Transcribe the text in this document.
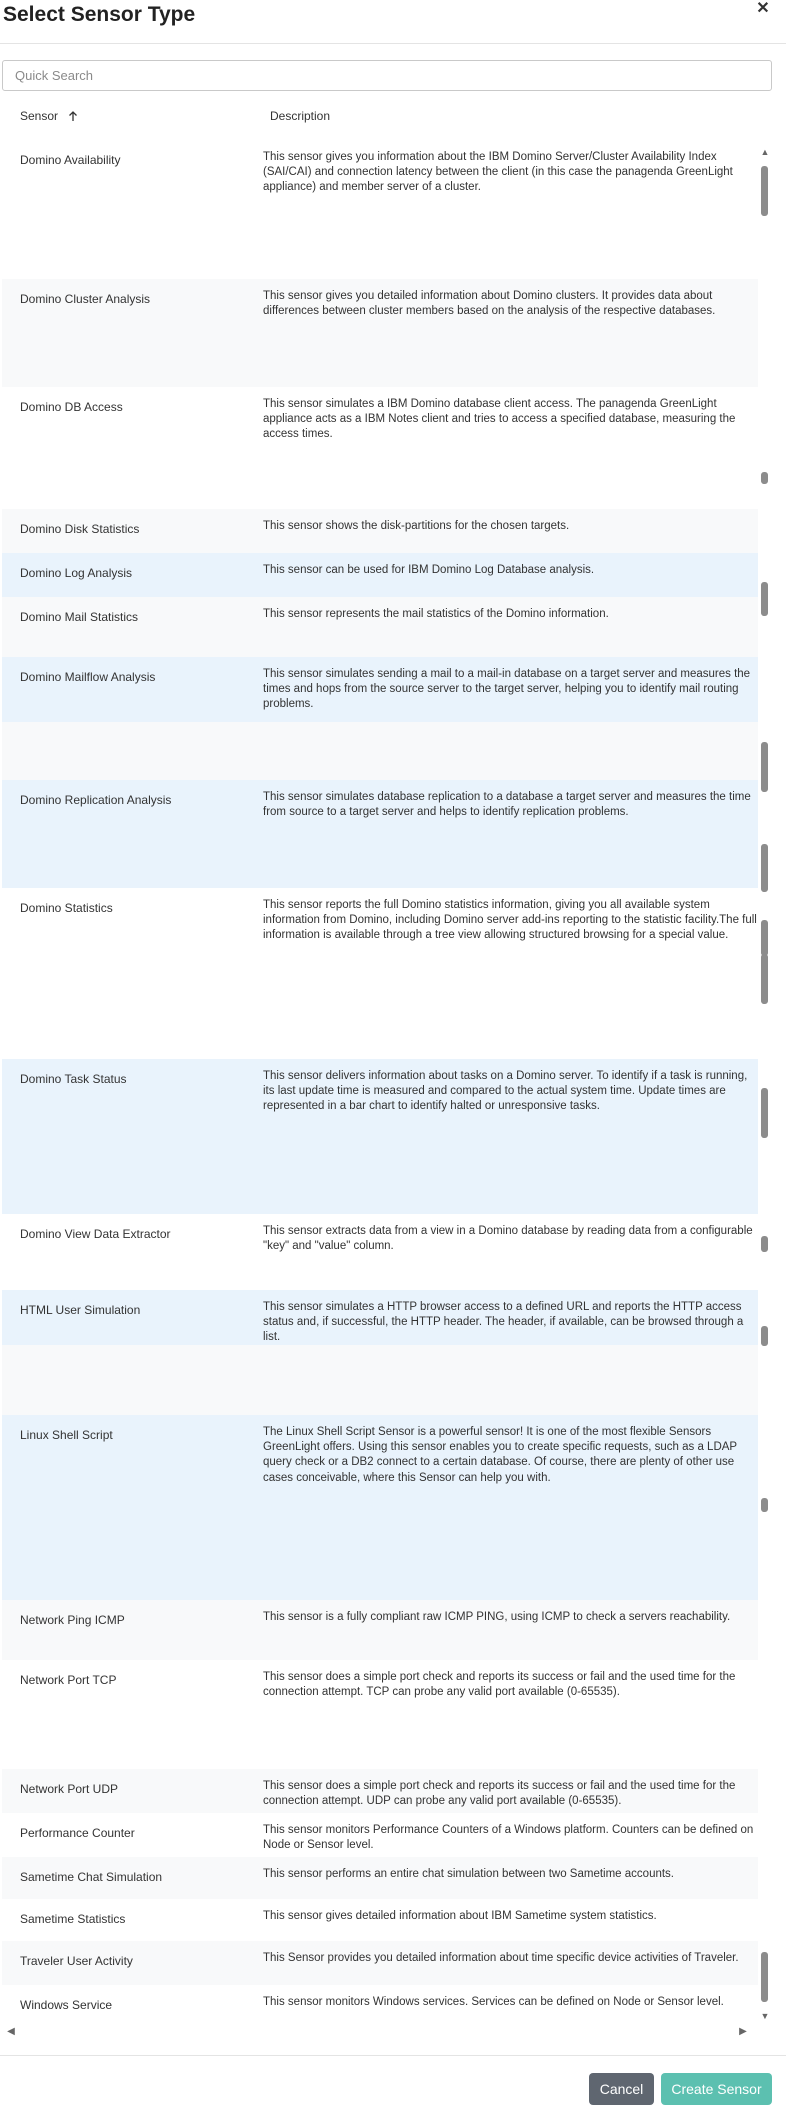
Select Sensor Type	✕
Quick Search
Sensor	Description
Domino Availability	This sensor gives you information about the IBM Domino Server/Cluster Availability Index (SAI/CAI) and connection latency between the client (in this case the panagenda GreenLight appliance) and member server of a cluster.
Domino Cluster Analysis	This sensor gives you detailed information about Domino clusters. It provides data about differences between cluster members based on the analysis of the respective databases.
Domino DB Access	This sensor simulates a IBM Domino database client access. The panagenda GreenLight appliance acts as a IBM Notes client and tries to access a specified database, measuring the access times.
Domino Disk Statistics	This sensor shows the disk-partitions for the chosen targets.
Domino Log Analysis	This sensor can be used for IBM Domino Log Database analysis.
Domino Mail Statistics	This sensor represents the mail statistics of the Domino information.
Domino Mailflow Analysis	This sensor simulates sending a mail to a mail-in database on a target server and measures the times and hops from the source server to the target server, helping you to identify mail routing problems.
Domino Replication Analysis	This sensor simulates database replication to a database a target server and measures the time from source to a target server and helps to identify replication problems.
Domino Statistics	This sensor reports the full Domino statistics information, giving you all available system information from Domino, including Domino server add-ins reporting to the statistic facility.The full information is available through a tree view allowing structured browsing for a special value.
Domino Task Status	This sensor delivers information about tasks on a Domino server. To identify if a task is running, its last update time is measured and compared to the actual system time. Update times are represented in a bar chart to identify halted or unresponsive tasks.
Domino View Data Extractor	This sensor extracts data from a view in a Domino database by reading data from a configurable "key" and "value" column.
HTML User Simulation	This sensor simulates a HTTP browser access to a defined URL and reports the HTTP access status and, if successful, the HTTP header. The header, if available, can be browsed through a list.
Linux Shell Script	The Linux Shell Script Sensor is a powerful sensor! It is one of the most flexible Sensors GreenLight offers. Using this sensor enables you to create specific requests, such as a LDAP query check or a DB2 connect to a certain database. Of course, there are plenty of other use cases conceivable, where this Sensor can help you with.
Network Ping ICMP	This sensor is a fully compliant raw ICMP PING, using ICMP to check a servers reachability.
Network Port TCP	This sensor does a simple port check and reports its success or fail and the used time for the connection attempt. TCP can probe any valid port available (0-65535).
Network Port UDP	This sensor does a simple port check and reports its success or fail and the used time for the connection attempt. UDP can probe any valid port available (0-65535).
Performance Counter	This sensor monitors Performance Counters of a Windows platform. Counters can be defined on Node or Sensor level.
Sametime Chat Simulation	This sensor performs an entire chat simulation between two Sametime accounts.
Sametime Statistics	This sensor gives detailed information about IBM Sametime system statistics.
Traveler User Activity	This Sensor provides you detailed information about time specific device activities of Traveler.
Windows Service	This sensor monitors Windows services. Services can be defined on Node or Sensor level.
▲
▼
◀	▶
Cancel	Create Sensor
